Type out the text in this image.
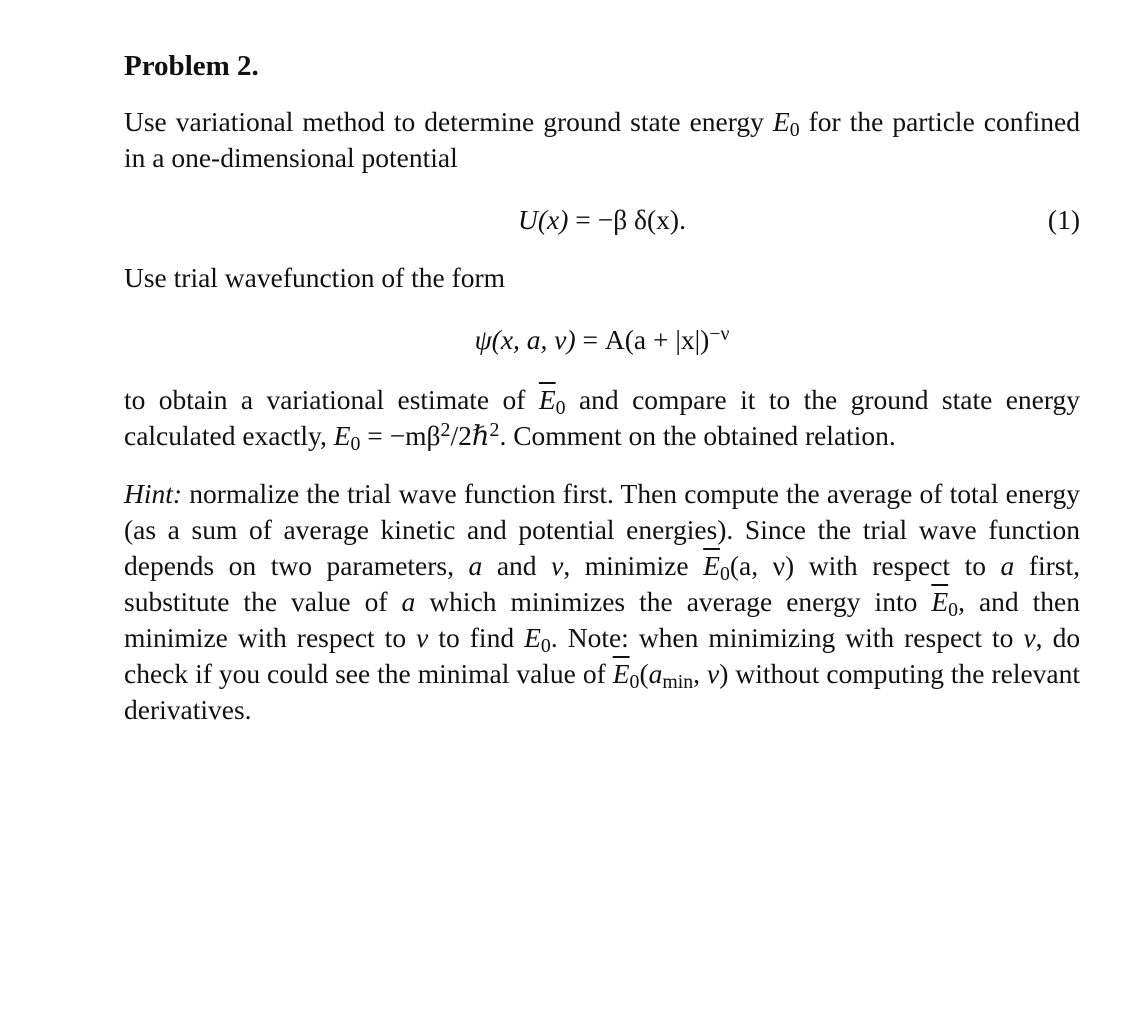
Problem 2.

Use variational method to determine ground state energy $E_0$ for the particle confined in a one-dimensional potential

U(x) = −β δ(x).	(1)

Use trial wavefunction of the form

ψ(x, a, $\nu) = A(a + |x|)^{-\nu}$

to obtain a variational estimate of $\overline{E}_0$ and compare it to the ground state energy calculated exactly, $E_0$ = $-m\beta^2/2\hbar^2$. Comment on the obtained relation.

Hint: normalize the trial wave function first. Then compute the average of total energy (as a sum of average kinetic and potential energies). Since the trial wave function depends on two parameters, a and ν, minimize $\overline{E}_0(a$, ν) with respect to a first, substitute the value of a which minimizes the average energy into $\overline{E}_0$, and then minimize with respect to ν to find $E_0$. Note: when minimizing with respect to ν, do check if you could see the minimal value of $\overline{E}_0(a_{min}$, ν) without computing the relevant derivatives.
